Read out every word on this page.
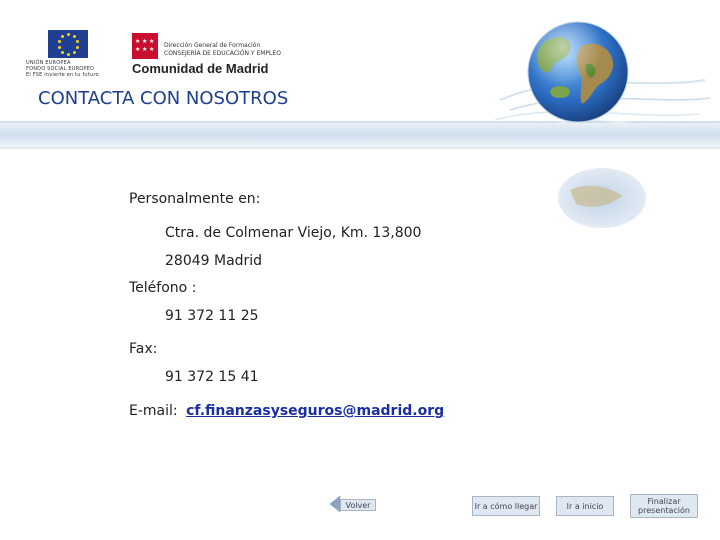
UNIÓN EUROPEA
FONDO SOCIAL EUROPEO
El FSE invierte en tu futuro
★ ★ ★
★ ★ ★
Dirección General de Formación
CONSEJERÍA DE EDUCACIÓN Y EMPLEO
Comunidad de Madrid
CONTACTA CON NOSOTROS
Personalmente en:
Ctra. de Colmenar Viejo, Km. 13,800
28049 Madrid
Teléfono :
91 372 11 25
Fax:
91 372 15 41
E-mail: cf.finanzasyseguros@madrid.org
Volver	Ir a cómo llegar	Ir a inicio	Finalizar presentación
